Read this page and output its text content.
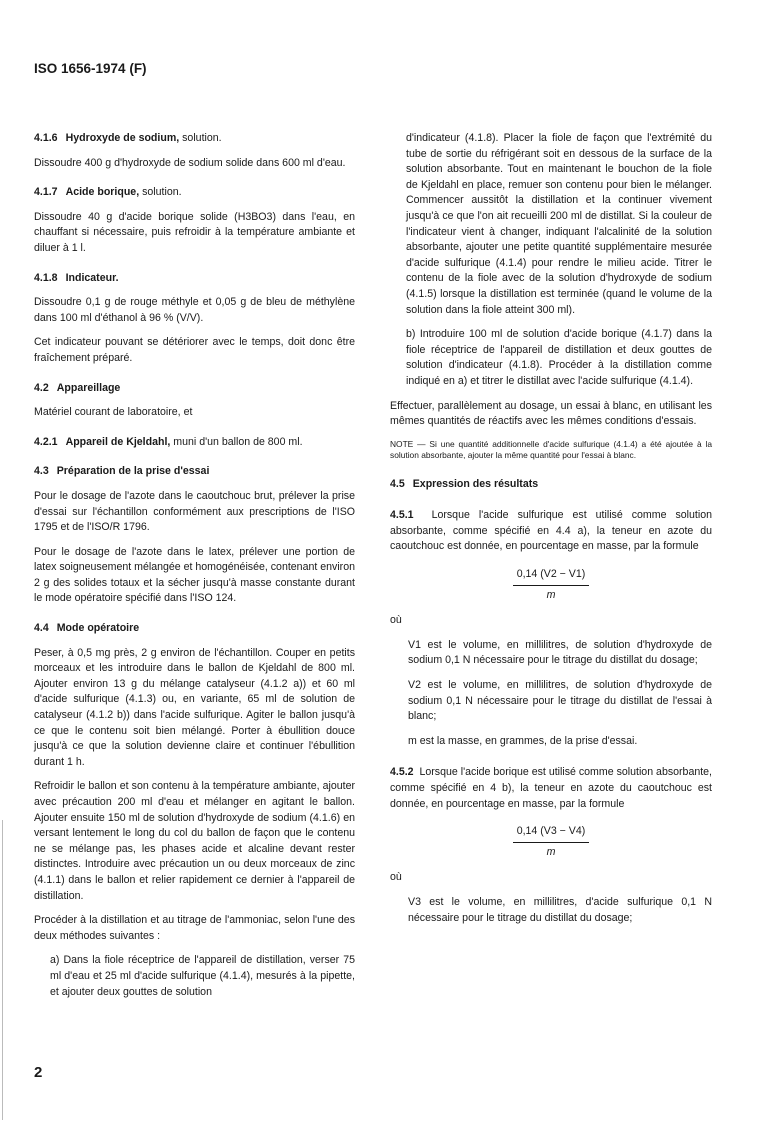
ISO 1656-1974 (F)
4.1.6 Hydroxyde de sodium, solution.

Dissoudre 400 g d'hydroxyde de sodium solide dans 600 ml d'eau.

4.1.7 Acide borique, solution.

Dissoudre 40 g d'acide borique solide (H3BO3) dans l'eau, en chauffant si nécessaire, puis refroidir à la température ambiante et diluer à 1 l.

4.1.8 Indicateur.

Dissoudre 0,1 g de rouge méthyle et 0,05 g de bleu de méthylène dans 100 ml d'éthanol à 96 % (V/V).

Cet indicateur pouvant se détériorer avec le temps, doit donc être fraîchement préparé.

4.2 Appareillage

Matériel courant de laboratoire, et

4.2.1 Appareil de Kjeldahl, muni d'un ballon de 800 ml.
4.3 Préparation de la prise d'essai

Pour le dosage de l'azote dans le caoutchouc brut, prélever la prise d'essai sur l'échantillon conformément aux prescriptions de l'ISO 1795 et de l'ISO/R 1796.

Pour le dosage de l'azote dans le latex, prélever une portion de latex soigneusement mélangée et homogénéisée, contenant environ 2 g des solides totaux et la sécher jusqu'à masse constante durant le mode opératoire spécifié dans l'ISO 124.

4.4 Mode opératoire

Peser, à 0,5 mg près, 2 g environ de l'échantillon. Couper en petits morceaux et les introduire dans le ballon de Kjeldahl de 800 ml. Ajouter environ 13 g du mélange catalyseur (4.1.2 a)) et 60 ml d'acide sulfurique (4.1.3) ou, en variante, 65 ml de solution de catalyseur (4.1.2 b)) dans l'acide sulfurique. Agiter le ballon jusqu'à ce que le contenu soit bien mélangé. Porter à ébullition douce jusqu'à ce que la solution devienne claire et continuer l'ébullition durant 1 h.

Refroidir le ballon et son contenu à la température ambiante, ajouter avec précaution 200 ml d'eau et mélanger en agitant le ballon. Ajouter ensuite 150 ml de solution d'hydroxyde de sodium (4.1.6) en versant lentement le long du col du ballon de façon que le contenu ne se mélange pas, les phases acide et alcaline devant rester distinctes. Introduire avec précaution un ou deux morceaux de zinc (4.1.1) dans le ballon et relier rapidement ce dernier à l'appareil de distillation.

Procéder à la distillation et au titrage de l'ammoniac, selon l'une des deux méthodes suivantes :

a) Dans la fiole réceptrice de l'appareil de distillation, verser 75 ml d'eau et 25 ml d'acide sulfurique (4.1.4), mesurés à la pipette, et ajouter deux gouttes de solution

d'indicateur (4.1.8). Placer la fiole de façon que l'extrémité du tube de sortie du réfrigérant soit en dessous de la surface de la solution absorbante. Tout en maintenant le bouchon de la fiole de Kjeldahl en place, remuer son contenu pour bien le mélanger. Commencer aussitôt la distillation et la continuer vivement jusqu'à ce que l'on ait recueilli 200 ml de distillat. Si la couleur de l'indicateur vient à changer, indiquant l'alcalinité de la solution absorbante, ajouter une petite quantité supplémentaire mesurée d'acide sulfurique (4.1.4) pour rendre le milieu acide. Titrer le contenu de la fiole avec de la solution d'hydroxyde de sodium (4.1.5) lorsque la distillation est terminée (quand le volume de la solution dans la fiole atteint 300 ml).

b) Introduire 100 ml de solution d'acide borique (4.1.7) dans la fiole réceptrice de l'appareil de distillation et deux gouttes de solution d'indicateur (4.1.8). Procéder à la distillation comme indiqué en a) et titrer le distillat avec l'acide sulfurique (4.1.4).

Effectuer, parallèlement au dosage, un essai à blanc, en utilisant les mêmes quantités de réactifs avec les mêmes conditions d'essais.

NOTE — Si une quantité additionnelle d'acide sulfurique (4.1.4) a été ajoutée à la solution absorbante, ajouter la même quantité pour l'essai à blanc.

4.5 Expression des résultats

4.5.1 Lorsque l'acide sulfurique est utilisé comme solution absorbante, comme spécifié en 4.4 a), la teneur en azote du caoutchouc est donnée, en pourcentage en masse, par la formule

$\frac{0,14 (V2 - V1)}{m}$

où

V1 est le volume, en millilitres, de solution d'hydroxyde de sodium 0,1 N nécessaire pour le titrage du distillat du dosage;

V2 est le volume, en millilitres, de solution d'hydroxyde de sodium 0,1 N nécessaire pour le titrage du distillat de l'essai à blanc;

m est la masse, en grammes, de la prise d'essai.

4.5.2 Lorsque l'acide borique est utilisé comme solution absorbante, comme spécifié en 4 b), la teneur en azote du caoutchouc est donnée, en pourcentage en masse, par la formule

$\frac{0,14 (V3 - V4)}{m}$

où

V3 est le volume, en millilitres, d'acide sulfurique 0,1 N nécessaire pour le titrage du distillat du dosage;

2
